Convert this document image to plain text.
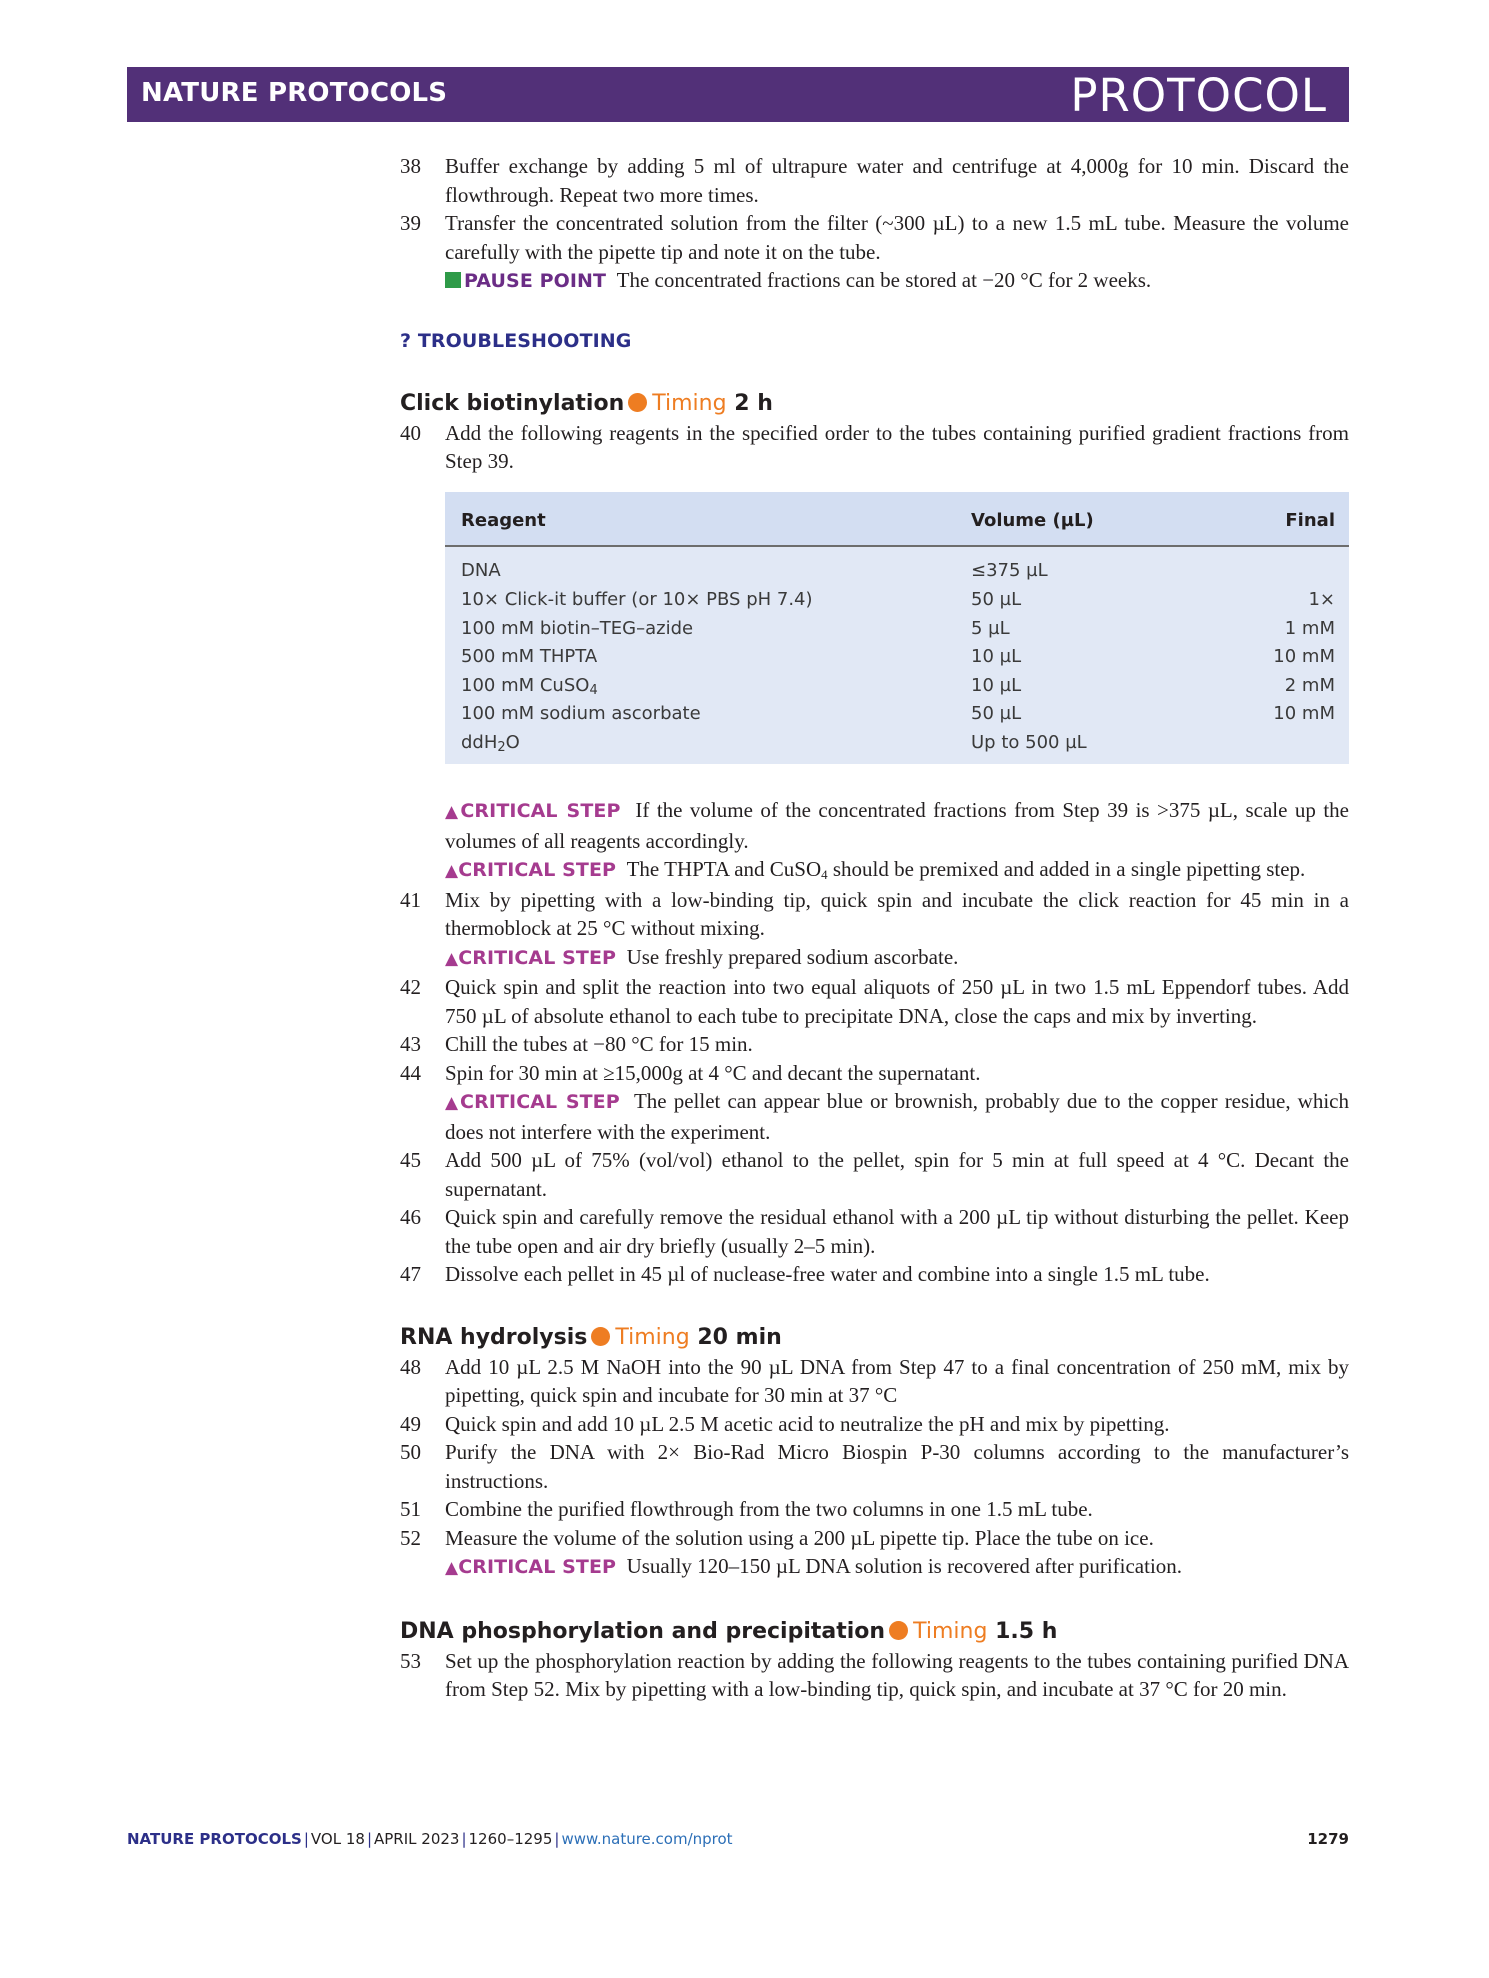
NATURE PROTOCOLS	PROTOCOL
38 Buffer exchange by adding 5 ml of ultrapure water and centrifuge at 4,000g for 10 min. Discard the flowthrough. Repeat two more times.
39 Transfer the concentrated solution from the filter (~300 µL) to a new 1.5 mL tube. Measure the volume carefully with the pipette tip and note it on the tube.
PAUSE POINT The concentrated fractions can be stored at −20 °C for 2 weeks.
? TROUBLESHOOTING
Click biotinylation Timing 2 h
40 Add the following reagents in the specified order to the tubes containing purified gradient fractions from Step 39.
Reagent	Volume (µL)	Final
DNA	≤375 µL	
10× Click-it buffer (or 10× PBS pH 7.4)	50 µL	1×
100 mM biotin–TEG–azide	5 µL	1 mM
500 mM THPTA	10 µL	10 mM
100 mM CuSO$_4$	10 µL	2 mM
100 mM sodium ascorbate	50 µL	10 mM
ddH$_2$O	Up to 500 µL	
▲CRITICAL STEP If the volume of the concentrated fractions from Step 39 is >375 µL, scale up the volumes of all reagents accordingly.
▲CRITICAL STEP The THPTA and CuSO$_4$ should be premixed and added in a single pipetting step.
41 Mix by pipetting with a low-binding tip, quick spin and incubate the click reaction for 45 min in a thermoblock at 25 °C without mixing.
▲CRITICAL STEP Use freshly prepared sodium ascorbate.
42 Quick spin and split the reaction into two equal aliquots of 250 µL in two 1.5 mL Eppendorf tubes. Add 750 µL of absolute ethanol to each tube to precipitate DNA, close the caps and mix by inverting.
43 Chill the tubes at −80 °C for 15 min.
44 Spin for 30 min at ≥15,000g at 4 °C and decant the supernatant.
▲CRITICAL STEP The pellet can appear blue or brownish, probably due to the copper residue, which does not interfere with the experiment.
45 Add 500 µL of 75% (vol/vol) ethanol to the pellet, spin for 5 min at full speed at 4 °C. Decant the supernatant.
46 Quick spin and carefully remove the residual ethanol with a 200 µL tip without disturbing the pellet. Keep the tube open and air dry briefly (usually 2–5 min).
47 Dissolve each pellet in 45 µl of nuclease-free water and combine into a single 1.5 mL tube.
RNA hydrolysis Timing 20 min
48 Add 10 µL 2.5 M NaOH into the 90 µL DNA from Step 47 to a final concentration of 250 mM, mix by pipetting, quick spin and incubate for 30 min at 37 °C
49 Quick spin and add 10 µL 2.5 M acetic acid to neutralize the pH and mix by pipetting.
50 Purify the DNA with 2× Bio-Rad Micro Biospin P-30 columns according to the manufacturer’s instructions.
51 Combine the purified flowthrough from the two columns in one 1.5 mL tube.
52 Measure the volume of the solution using a 200 µL pipette tip. Place the tube on ice.
▲CRITICAL STEP Usually 120–150 µL DNA solution is recovered after purification.
DNA phosphorylation and precipitation Timing 1.5 h
53 Set up the phosphorylation reaction by adding the following reagents to the tubes containing purified DNA from Step 52. Mix by pipetting with a low-binding tip, quick spin, and incubate at 37 °C for 20 min.
NATURE PROTOCOLS | VOL 18 | APRIL 2023 | 1260–1295 | www.nature.com/nprot	1279
